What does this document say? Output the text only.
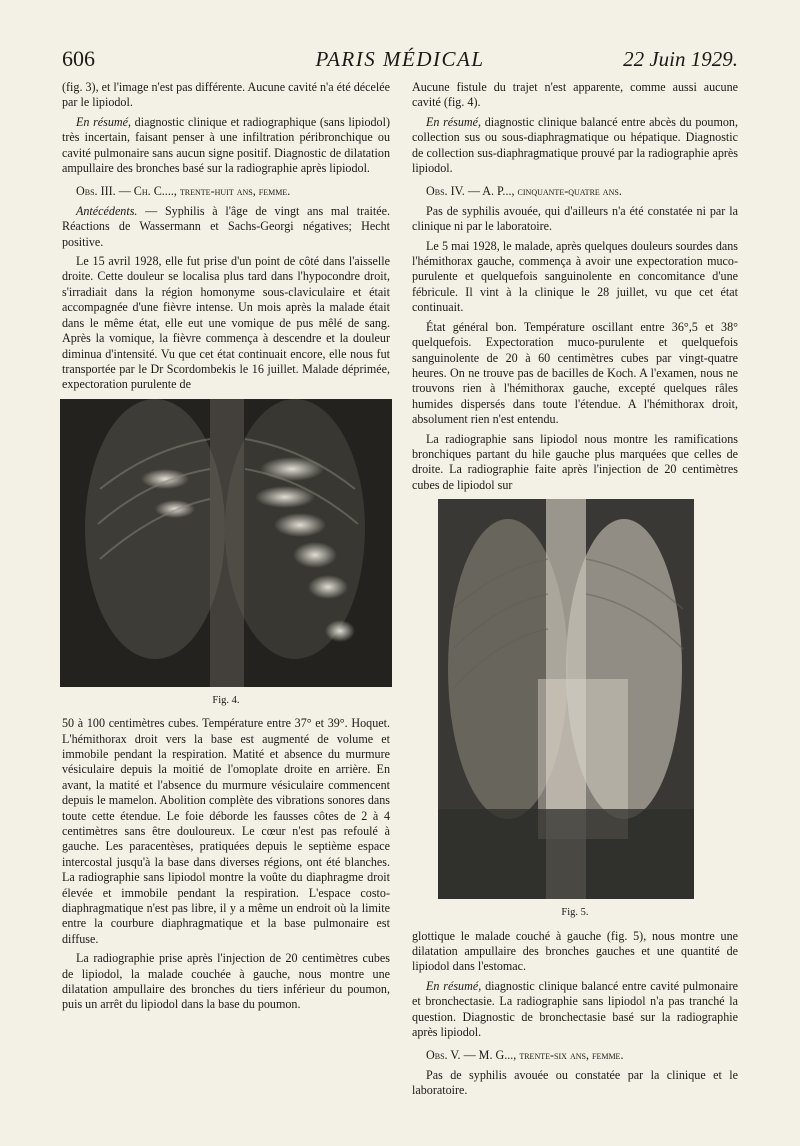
606	PARIS MÉDICAL	22 Juin 1929.

(fig. 3), et l'image n'est pas différente. Aucune cavité n'a été décelée par le lipiodol.

En résumé, diagnostic clinique et radiographique (sans lipiodol) très incertain, faisant penser à une infiltration péribronchique ou cavité pulmonaire sans aucun signe positif. Diagnostic de dilatation ampullaire des bronches basé sur la radiographie après lipiodol.

Obs. III. — Ch. C...., trente-huit ans, femme.

Antécédents. — Syphilis à l'âge de vingt ans mal traitée. Réactions de Wassermann et Sachs-Georgi négatives; Hecht positive.

Le 15 avril 1928, elle fut prise d'un point de côté dans l'aisselle droite. Cette douleur se localisa plus tard dans l'hypocondre droit, s'irradiait dans la région homonyme sous-claviculaire et était accompagnée d'une fièvre intense. Un mois après la malade était dans le même état, elle eut une vomique de pus mêlé de sang. Après la vomique, la fièvre commença à descendre et la douleur diminua d'intensité. Vu que cet état continuait encore, elle nous fut transportée par le Dr Scordombekis le 16 juillet. Malade déprimée, expectoration purulente de

Fig. 4.

50 à 100 centimètres cubes. Température entre 37° et 39°. Hoquet. L'hémithorax droit vers la base est augmenté de volume et immobile pendant la respiration. Matité et absence du murmure vésiculaire depuis la moitié de l'omoplate droite en arrière. En avant, la matité et l'absence du murmure vésiculaire commencent depuis le mamelon. Abolition complète des vibrations sonores dans toute cette étendue. Le foie déborde les fausses côtes de 2 à 4 centimètres sans être douloureux. Le cœur n'est pas refoulé à gauche. Les paracentèses, pratiquées depuis le septième espace intercostal jusqu'à la base dans diverses régions, ont été blanches. La radiographie sans lipiodol montre la voûte du diaphragme droit élevée et immobile pendant la respiration. L'espace costo-diaphragmatique n'est pas libre, il y a même un endroit où la limite entre la courbure diaphragmatique et la base pulmonaire est diffuse.

La radiographie prise après l'injection de 20 centimètres cubes de lipiodol, la malade couchée à gauche, nous montre une dilatation ampullaire des bronches du tiers inférieur du poumon, puis un arrêt du lipiodol dans la base du poumon.

Aucune fistule du trajet n'est apparente, comme aussi aucune cavité (fig. 4).

En résumé, diagnostic clinique balancé entre abcès du poumon, collection sus ou sous-diaphragmatique ou hépatique. Diagnostic de collection sus-diaphragmatique prouvé par la radiographie après lipiodol.

Obs. IV. — A. P..., cinquante-quatre ans.

Pas de syphilis avouée, qui d'ailleurs n'a été constatée ni par la clinique ni par le laboratoire.

Le 5 mai 1928, le malade, après quelques douleurs sourdes dans l'hémithorax gauche, commença à avoir une expectoration muco-purulente et quelquefois sanguinolente en concomitance d'une fébricule. Il vint à la clinique le 28 juillet, vu que cet état continuait.

État général bon. Température oscillant entre 36°,5 et 38° quelquefois. Expectoration muco-purulente et quelquefois sanguinolente de 20 à 60 centimètres cubes par vingt-quatre heures. On ne trouve pas de bacilles de Koch. A l'examen, nous ne trouvons rien à l'hémithorax gauche, excepté quelques râles humides dispersés dans toute l'étendue. A l'hémithorax droit, absolument rien n'est entendu.

La radiographie sans lipiodol nous montre les ramifications bronchiques partant du hile gauche plus marquées que celles de droite. La radiographie faite après l'injection de 20 centimètres cubes de lipiodol sur

Fig. 5.

glottique le malade couché à gauche (fig. 5), nous montre une dilatation ampullaire des bronches gauches et une quantité de lipiodol dans l'estomac.

En résumé, diagnostic clinique balancé entre cavité pulmonaire et bronchectasie. La radiographie sans lipiodol n'a pas tranché la question. Diagnostic de bronchectasie basé sur la radiographie après lipiodol.

Obs. V. — M. G..., trente-six ans, femme.

Pas de syphilis avouée ou constatée par la clinique et le laboratoire.
